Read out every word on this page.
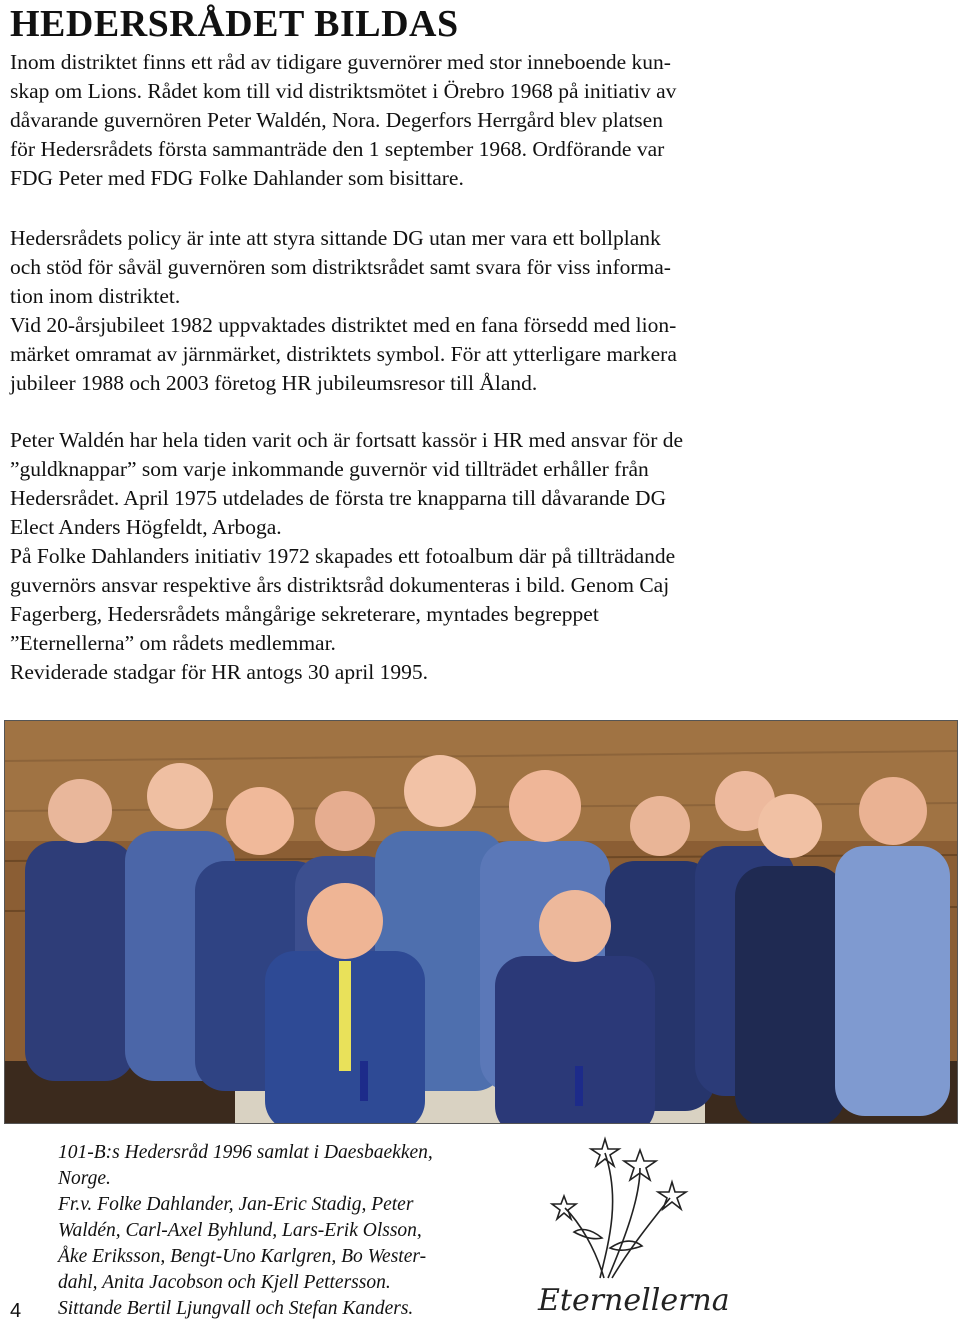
HEDERSRÅDET BILDAS
Inom distriktet finns ett råd av tidigare guvernörer med stor inneboende kun-
skap om Lions. Rådet kom till vid distriktsmötet i Örebro 1968 på initiativ av
dåvarande guvernören Peter Waldén, Nora. Degerfors Herrgård blev platsen
för Hedersrådets första sammanträde den 1 september 1968. Ordförande var
FDG Peter med FDG Folke Dahlander som bisittare.
Hedersrådets policy är inte att styra sittande DG utan mer vara ett bollplank
och stöd för såväl guvernören som distriktsrådet samt svara för viss informa-
tion inom distriktet.
Vid 20-årsjubileet 1982 uppvaktades distriktet med en fana försedd med lion-
märket omramat av järnmärket, distriktets symbol. För att ytterligare markera
jubileer 1988 och 2003 företog HR jubileumsresor till Åland.
Peter Waldén har hela tiden varit och är fortsatt kassör i HR med ansvar för de
”guldknappar” som varje inkommande guvernör vid tillträdet erhåller från
Hedersrådet. April 1975 utdelades de första tre knapparna till dåvarande DG
Elect Anders Högfeldt, Arboga.
På Folke Dahlanders initiativ 1972 skapades ett fotoalbum där på tillträdande
guvernörs ansvar respektive års distriktsråd dokumenteras i bild. Genom Caj
Fagerberg, Hedersrådets mångårige sekreterare, myntades begreppet
”Eternellerna” om rådets medlemmar.
Reviderade stadgar för HR antogs 30 april 1995.
101-B:s Hedersråd 1996 samlat i Daesbaekken,
Norge.
Fr.v. Folke Dahlander, Jan-Eric Stadig, Peter
Waldén, Carl-Axel Byhlund, Lars-Erik Olsson,
Åke Eriksson, Bengt-Uno Karlgren, Bo Wester-
dahl, Anita Jacobson och Kjell Pettersson.
Sittande Bertil Ljungvall och Stefan Kanders.	Eternellerna
4
